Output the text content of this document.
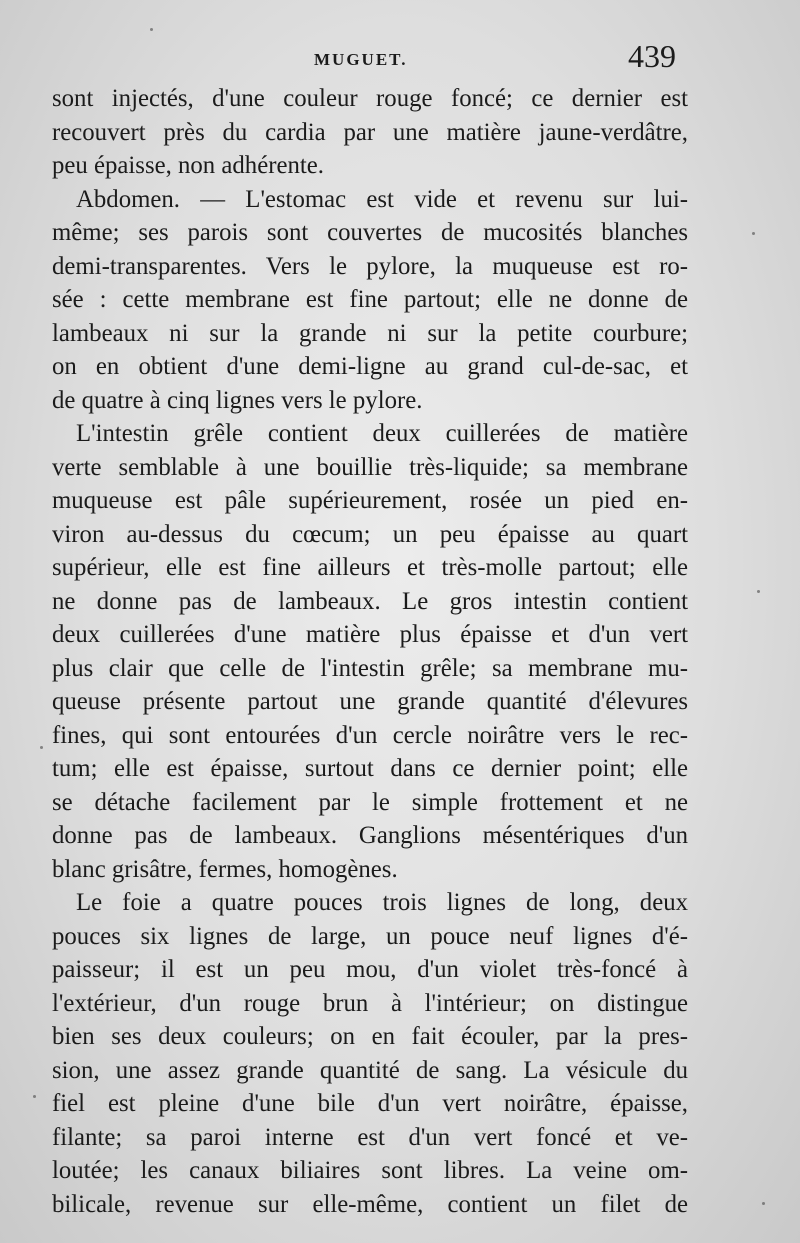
MUGUET.	439
sont injectés, d'une couleur rouge foncé; ce dernier est
recouvert près du cardia par une matière jaune-verdâtre,
peu épaisse, non adhérente.
Abdomen. — L'estomac est vide et revenu sur lui-
même; ses parois sont couvertes de mucosités blanches
demi-transparentes. Vers le pylore, la muqueuse est ro-
sée : cette membrane est fine partout; elle ne donne de
lambeaux ni sur la grande ni sur la petite courbure;
on en obtient d'une demi-ligne au grand cul-de-sac, et
de quatre à cinq lignes vers le pylore.
L'intestin grêle contient deux cuillerées de matière
verte semblable à une bouillie très-liquide; sa membrane
muqueuse est pâle supérieurement, rosée un pied en-
viron au-dessus du cœcum; un peu épaisse au quart
supérieur, elle est fine ailleurs et très-molle partout; elle
ne donne pas de lambeaux. Le gros intestin contient
deux cuillerées d'une matière plus épaisse et d'un vert
plus clair que celle de l'intestin grêle; sa membrane mu-
queuse présente partout une grande quantité d'élevures
fines, qui sont entourées d'un cercle noirâtre vers le rec-
tum; elle est épaisse, surtout dans ce dernier point; elle
se détache facilement par le simple frottement et ne
donne pas de lambeaux. Ganglions mésentériques d'un
blanc grisâtre, fermes, homogènes.
Le foie a quatre pouces trois lignes de long, deux
pouces six lignes de large, un pouce neuf lignes d'é-
paisseur; il est un peu mou, d'un violet très-foncé à
l'extérieur, d'un rouge brun à l'intérieur; on distingue
bien ses deux couleurs; on en fait écouler, par la pres-
sion, une assez grande quantité de sang. La vésicule du
fiel est pleine d'une bile d'un vert noirâtre, épaisse,
filante; sa paroi interne est d'un vert foncé et ve-
loutée; les canaux biliaires sont libres. La veine om-
bilicale, revenue sur elle-même, contient un filet de
